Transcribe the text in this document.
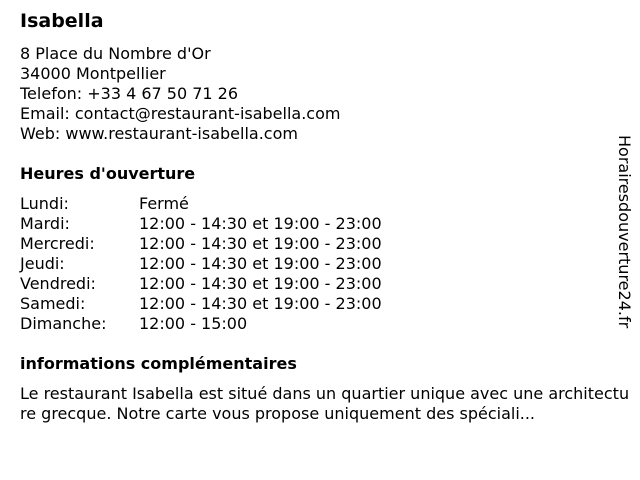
Isabella
8 Place du Nombre d'Or
34000 Montpellier
Telefon: +33 4 67 50 71 26
Email: contact@restaurant-isabella.com
Web: www.restaurant-isabella.com
Heures d'ouverture
Lundi:	Fermé
Mardi:	12:00 - 14:30 et 19:00 - 23:00
Mercredi:	12:00 - 14:30 et 19:00 - 23:00
Jeudi:	12:00 - 14:30 et 19:00 - 23:00
Vendredi:	12:00 - 14:30 et 19:00 - 23:00
Samedi:	12:00 - 14:30 et 19:00 - 23:00
Dimanche:	12:00 - 15:00
informations complémentaires

Le restaurant Isabella est situé dans un quartier unique avec une architecture grecque. Notre carte vous propose uniquement des spéciali...

Horairesdouverture24.fr
